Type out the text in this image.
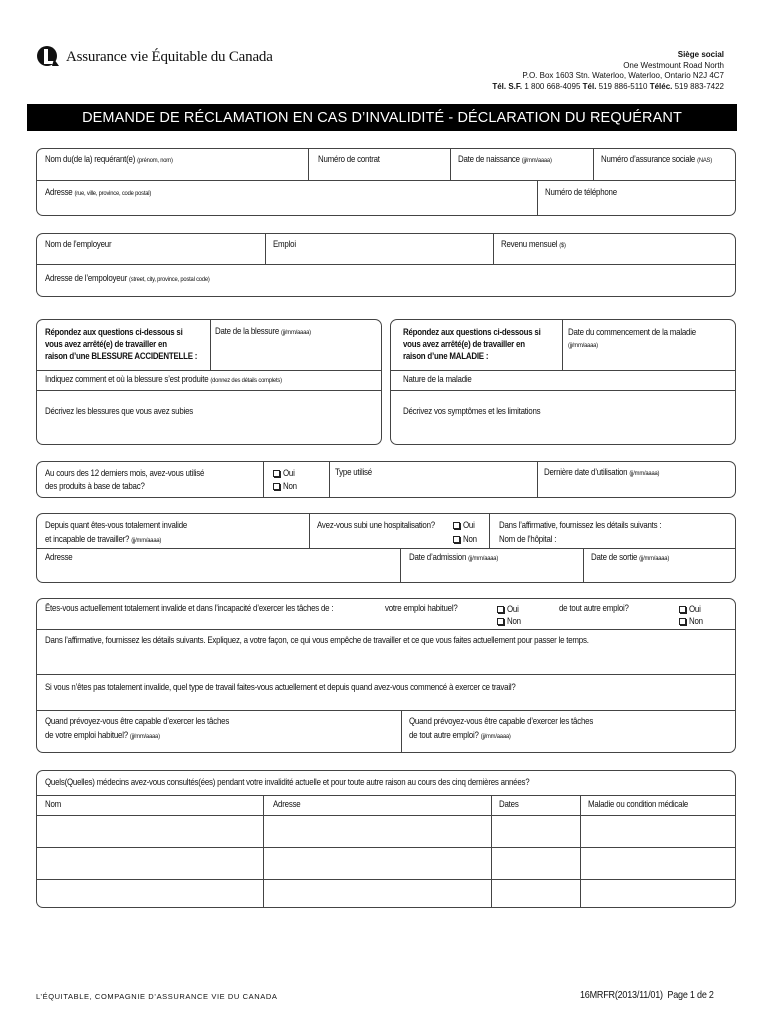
Assurance vie Équitable du Canada	Siège social
One Westmount Road North
P.O. Box 1603 Stn. Waterloo, Waterloo, Ontario N2J 4C7
Tél. S.F. 1 800 668-4095 Tél. 519 886-5110 Téléc. 519 883-7422
DEMANDE DE RÉCLAMATION EN CAS D’INVALIDITÉ - DÉCLARATION DU REQUÉRANT
Nom du(de la) requérant(e) (prénom, nom)	Numéro de contrat	Date de naissance (jj/mm/aaaa)	Numéro d’assurance sociale (NAS)
Adresse (rue, ville, province, code postal)	Numéro de téléphone
Nom de l’employeur	Emploi	Revenu mensuel ($)
Adresse de l’empoloyeur (street, city, province, postal code)
Répondez aux questions ci-dessous si
vous avez arrêté(e) de travailler en
raison d’une BLESSURE ACCIDENTELLE :
Date de la blessure (jj/mm/aaaa)
Indiquez comment et où la blessure s’est produite (donnez des détails complets)
Décrivez les blessures que vous avez subies
Répondez aux questions ci-dessous si
vous avez arrêté(e) de travailler en
raison d’une MALADIE :
Date du commencement de la maladie
(jj/mm/aaaa)
Nature de la maladie
Décrivez vos symptômes et les limitations
Au cours des 12 derniers mois, avez-vous utilisé
des produits à base de tabac?
Oui
Non
Type utilisé	Dernière date d’utilisation (jj/mm/aaaa)
Depuis quant êtes-vous totalement invalide
et incapable de travailler? (jj/mm/aaaa)
Avez-vous subi une hospitalisation?	Oui
Non
Dans l’affirmative, fournissez les détails suivants :
Nom de l’hôpital :
Adresse	Date d’admission (jj/mm/aaaa)	Date de sortie (jj/mm/aaaa)
Êtes-vous actuellement totalement invalide et dans l’incapacité d’exercer les tâches de :	votre emploi habituel?	Oui
Non
de tout autre emploi?	Oui
Non
Dans l’affirmative, fournissez les détails suivants. Expliquez, a votre façon, ce qui vous empêche de travailler et ce que vous faites actuellement pour passer le temps.
Si vous n’êtes pas totalement invalide, quel type de travail faites-vous actuellement et depuis quand avez-vous commencé à exercer ce travail?
Quand prévoyez-vous être capable d’exercer les tâches
de votre emploi habituel? (jj/mm/aaaa)
Quand prévoyez-vous être capable d’exercer les tâches
de tout autre emploi? (jj/mm/aaaa)
Quels(Quelles) médecins avez-vous consultés(ées) pendant votre invalidité actuelle et pour toute autre raison au cours des cinq dernières années?
Nom	Adresse	Dates	Maladie ou condition médicale
L’ÉQUITABLE, COMPAGNIE D’ASSURANCE VIE DU CANADA	16MRFR(2013/11/01) Page 1 de 2
